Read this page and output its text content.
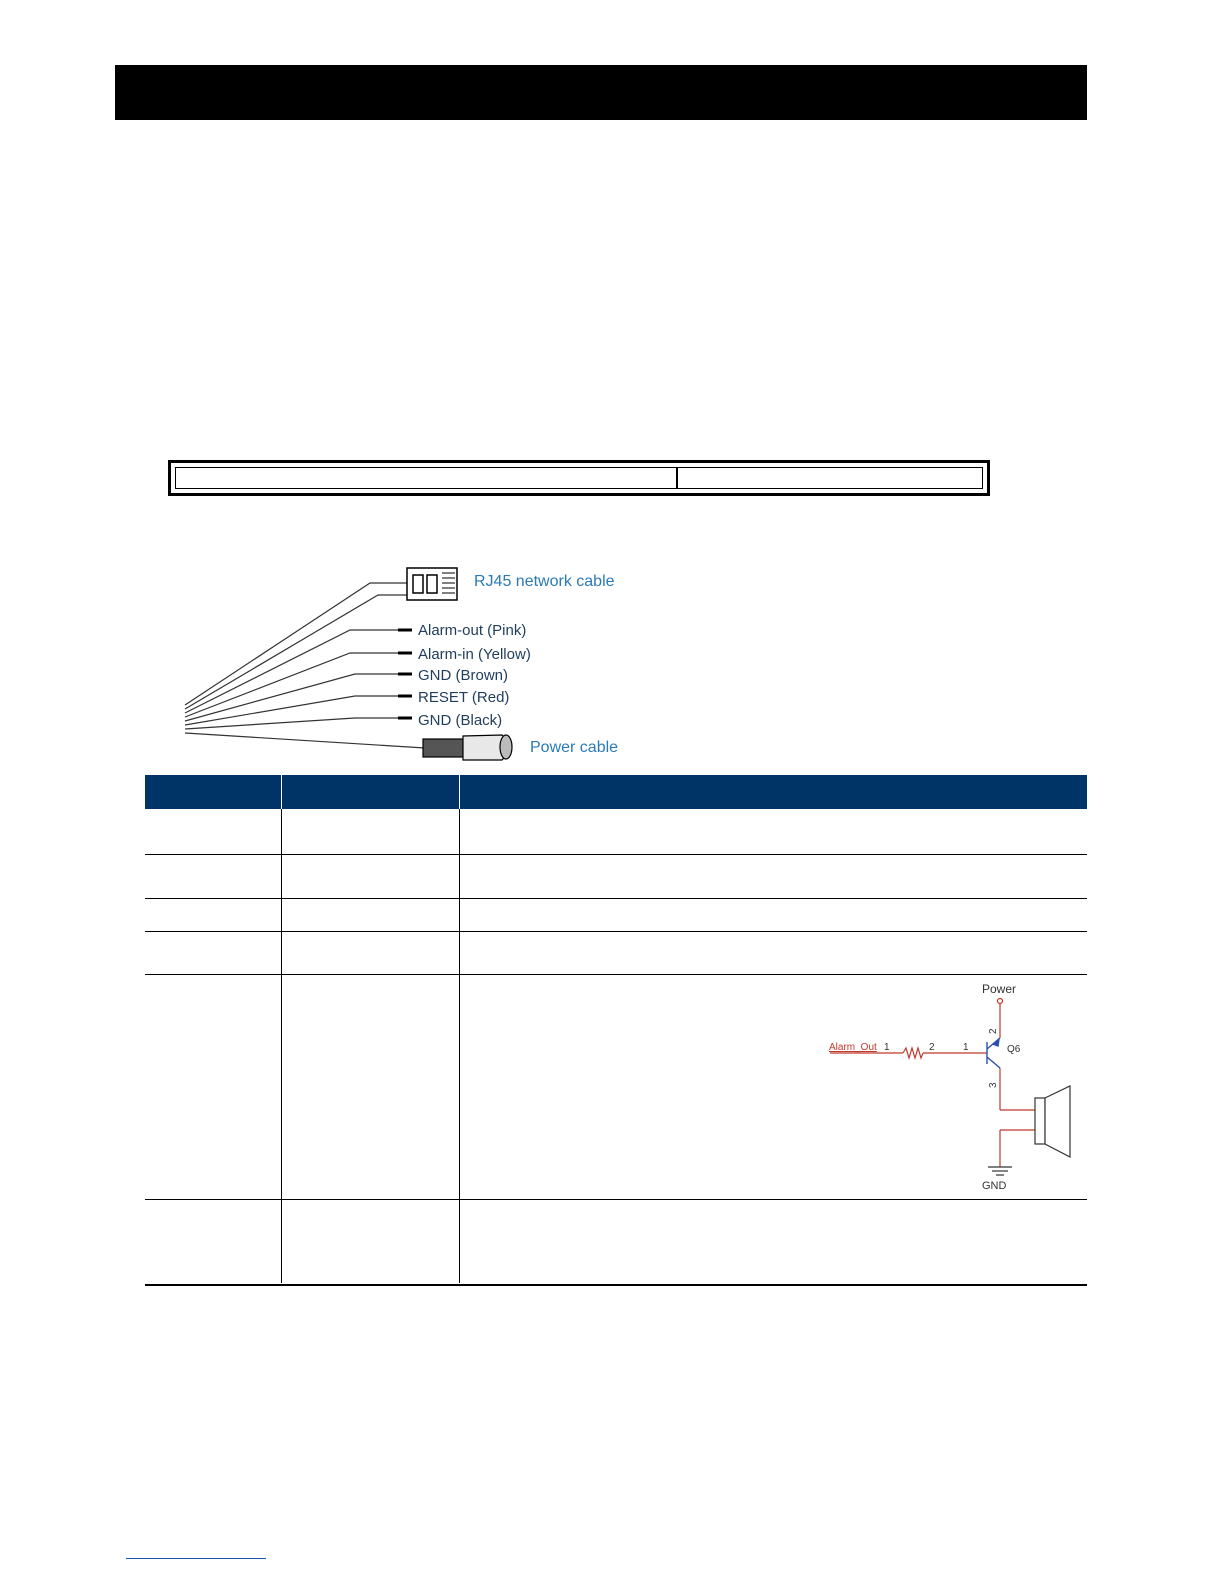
RJ45 network cable
Alarm-out (Pink)
Alarm-in (Yellow)
GND (Brown)
RESET (Red)
GND (Black)
Power cable
Power
Alarm_Out 1	2	1
2
3
Q6
GND
